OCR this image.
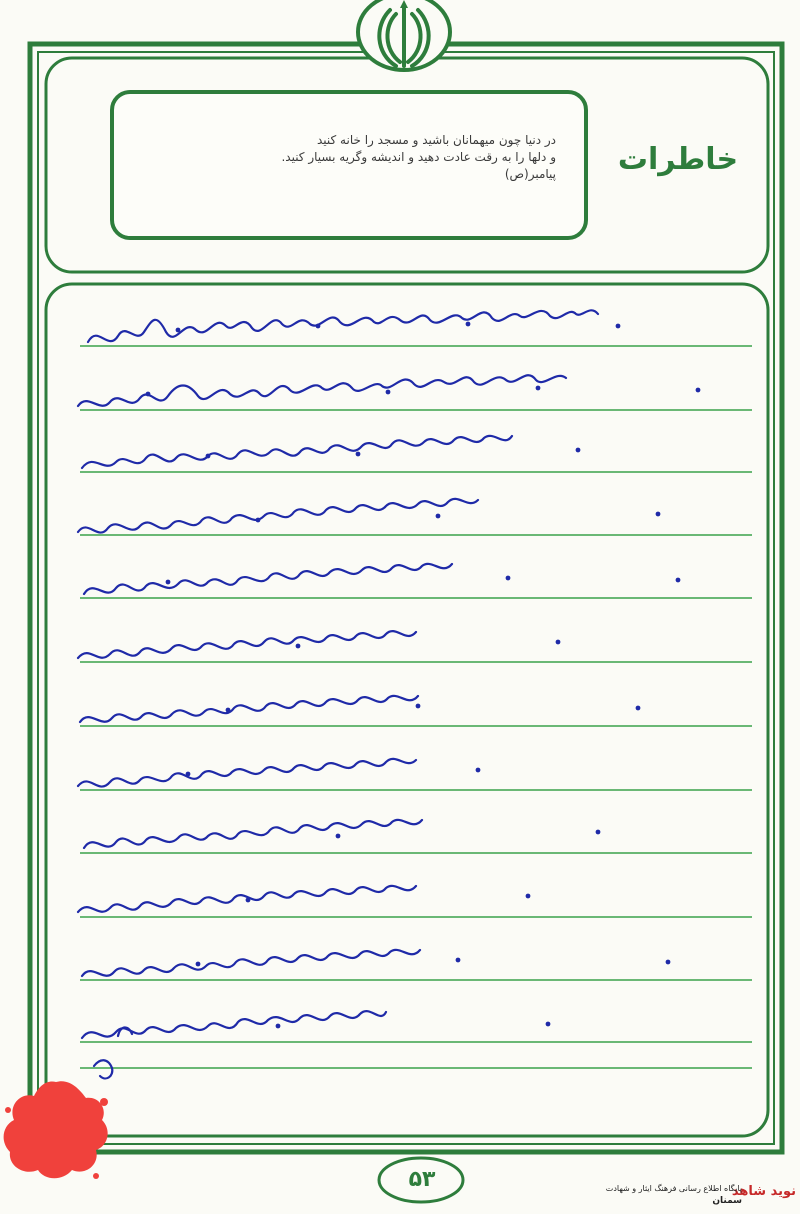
خاطرات
در دنیا چون میهمانان باشید و مسجد را خانه کنید
و دلها را به رقت عادت دهید و اندیشه وگریه بسیار کنید.
پیامبر(ص)
۵۳	نوید شاهد
پایگاه اطلاع رسانی فرهنگ ایثار و شهادت
سمنان
